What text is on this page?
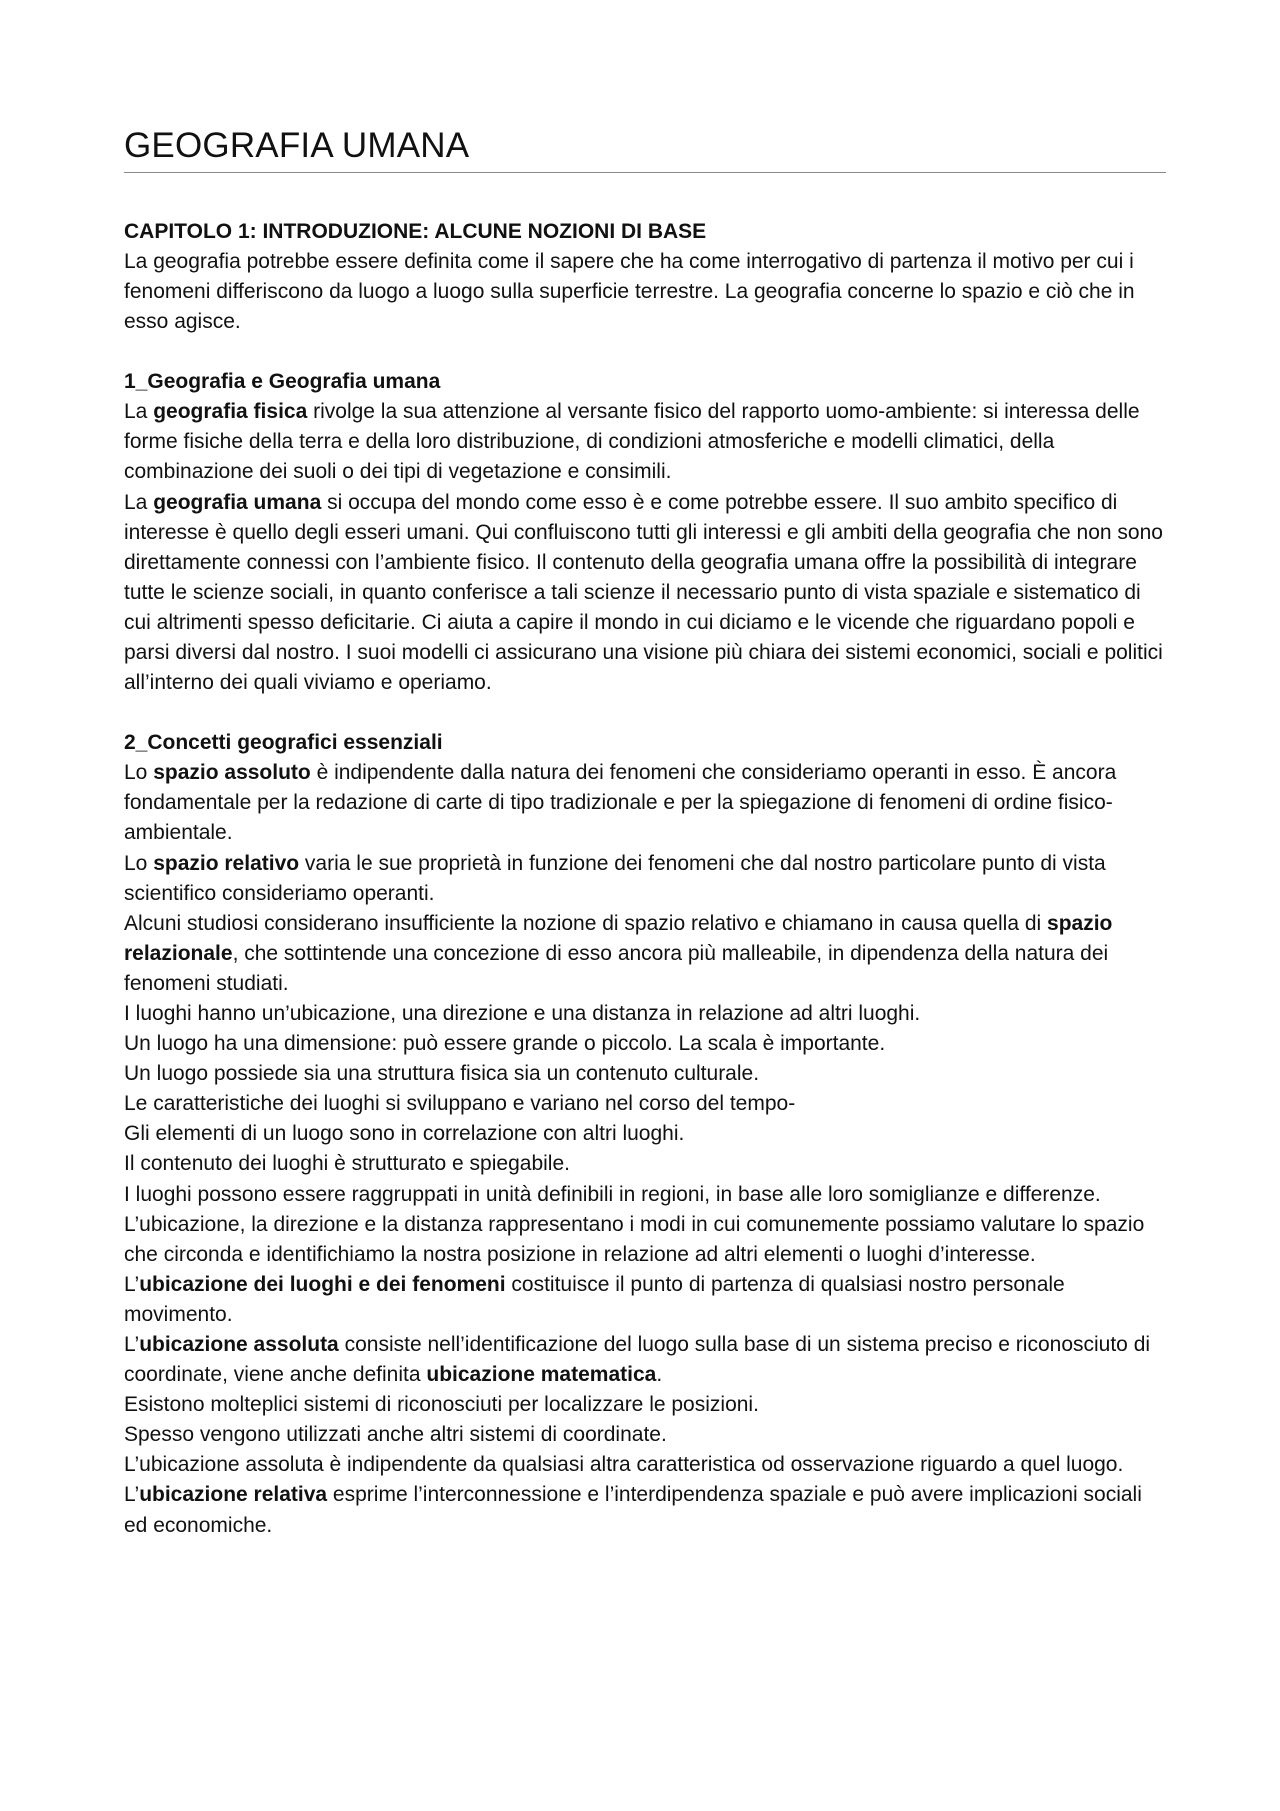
GEOGRAFIA UMANA
CAPITOLO 1: INTRODUZIONE: ALCUNE NOZIONI DI BASE

La geografia potrebbe essere definita come il sapere che ha come interrogativo di partenza il motivo per cui i fenomeni differiscono da luogo a luogo sulla superficie terrestre. La geografia concerne lo spazio e ciò che in esso agisce.

1_Geografia e Geografia umana

La geografia fisica rivolge la sua attenzione al versante fisico del rapporto uomo-ambiente: si interessa delle forme fisiche della terra e della loro distribuzione, di condizioni atmosferiche e modelli climatici, della combinazione dei suoli o dei tipi di vegetazione e consimili.

La geografia umana si occupa del mondo come esso è e come potrebbe essere. Il suo ambito specifico di interesse è quello degli esseri umani. Qui confluiscono tutti gli interessi e gli ambiti della geografia che non sono direttamente connessi con l’ambiente fisico. Il contenuto della geografia umana offre la possibilità di integrare tutte le scienze sociali, in quanto conferisce a tali scienze il necessario punto di vista spaziale e sistematico di cui altrimenti spesso deficitarie. Ci aiuta a capire il mondo in cui diciamo e le vicende che riguardano popoli e parsi diversi dal nostro. I suoi modelli ci assicurano una visione più chiara dei sistemi economici, sociali e politici all’interno dei quali viviamo e operiamo.

2_Concetti geografici essenziali

Lo spazio assoluto è indipendente dalla natura dei fenomeni che consideriamo operanti in esso. È ancora fondamentale per la redazione di carte di tipo tradizionale e per la spiegazione di fenomeni di ordine fisico-ambientale.

Lo spazio relativo varia le sue proprietà in funzione dei fenomeni che dal nostro particolare punto di vista scientifico consideriamo operanti.

Alcuni studiosi considerano insufficiente la nozione di spazio relativo e chiamano in causa quella di spazio relazionale, che sottintende una concezione di esso ancora più malleabile, in dipendenza della natura dei fenomeni studiati.

I luoghi hanno un’ubicazione, una direzione e una distanza in relazione ad altri luoghi.

Un luogo ha una dimensione: può essere grande o piccolo. La scala è importante.

Un luogo possiede sia una struttura fisica sia un contenuto culturale.

Le caratteristiche dei luoghi si sviluppano e variano nel corso del tempo-

Gli elementi di un luogo sono in correlazione con altri luoghi.

Il contenuto dei luoghi è strutturato e spiegabile.

I luoghi possono essere raggruppati in unità definibili in regioni, in base alle loro somiglianze e differenze.

L’ubicazione, la direzione e la distanza rappresentano i modi in cui comunemente possiamo valutare lo spazio che circonda e identifichiamo la nostra posizione in relazione ad altri elementi o luoghi d’interesse.

L’ubicazione dei luoghi e dei fenomeni costituisce il punto di partenza di qualsiasi nostro personale movimento.

L’ubicazione assoluta consiste nell’identificazione del luogo sulla base di un sistema preciso e riconosciuto di coordinate, viene anche definita ubicazione matematica.

Esistono molteplici sistemi di riconosciuti per localizzare le posizioni.

Spesso vengono utilizzati anche altri sistemi di coordinate.

L’ubicazione assoluta è indipendente da qualsiasi altra caratteristica od osservazione riguardo a quel luogo.

L’ubicazione relativa esprime l’interconnessione e l’interdipendenza spaziale e può avere implicazioni sociali ed economiche.
